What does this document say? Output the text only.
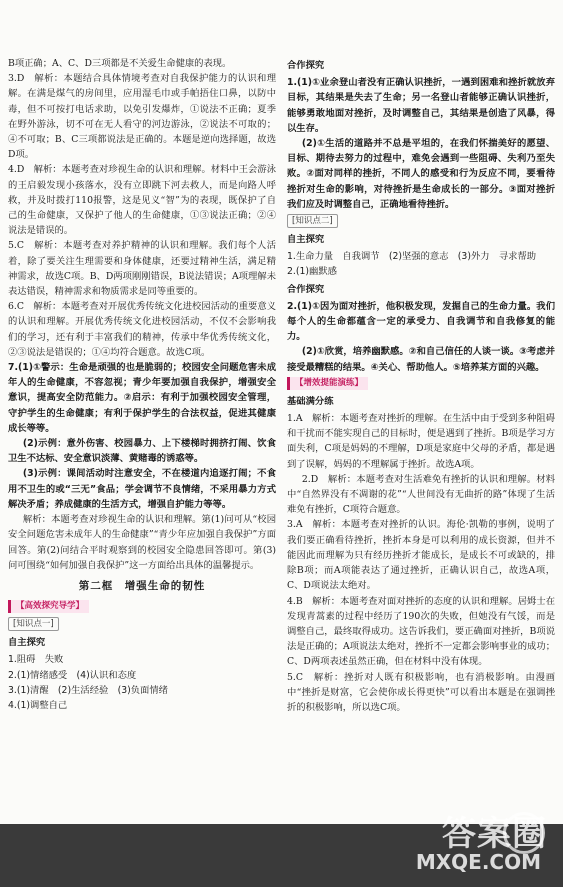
B项正确；A、C、D三项都是不关爱生命健康的表现。

3.D　解析：本题结合具体情境考查对自我保护能力的认识和理解。在满是煤气的房间里，应用湿毛巾或手帕捂住口鼻，以防中毒，但不可按打电话求助，以免引发爆炸，①说法不正确；夏季在野外游泳，切不可在无人看守的河边游泳，②说法不可取的；④不可取；B、C三项都说法是正确的。本题是逆向选择题，故选D项。

4.D　解析：本题考查对珍视生命的认识和理解。材料中王会游泳的王启毅发现小孩落水，没有立即跳下河去救人，而是向路人呼救，并及时拨打110报警，这是见义“智”为的表现，既保护了自己的生命健康，又保护了他人的生命健康，①③说法正确；②④说法是错误的。

5.C　解析：本题考查对养护精神的认识和理解。我们每个人活着，除了要关注生理需要和身体健康，还要过精神生活，满足精神需求，故选C项。B、D两项刚刚错误，B说法错误；A项理解未表达错误，精神需求和物质需求是同等重要的。

6.C　解析：本题考查对开展优秀传统文化进校园活动的重要意义的认识和理解。开展优秀传统文化进校园活动，不仅不会影响我们的学习，还有利于丰富我们的精神，传承中华优秀传统文化，②③说法是错误的；①④均符合题意。故选C项。

7.(1)①警示：生命是顽强的也是脆弱的；校园安全问题危害未成年人的生命健康，不容忽视；青少年要加强自我保护，增强安全意识，提高安全防范能力。②启示：有利于加强校园安全管理，守护学生的生命健康；有利于保护学生的合法权益，促进其健康成长等等。

(2)示例：意外伤害、校园暴力、上下楼梯时拥挤打闹、饮食卫生不达标、安全意识淡薄、黄赌毒的诱惑等。

(3)示例：课间活动时注意安全，不在楼道内追逐打闹；不食用不卫生的或“三无”食品；学会调节不良情绪，不采用暴力方式解决矛盾；养成健康的生活方式，增强自护能力等等。

解析：本题考查对珍视生命的认识和理解。第(1)问可从“校园安全问题危害未成年人的生命健康”“青少年应加强自我保护”方面回答。第(2)问结合平时观察到的校园安全隐患回答即可。第(3)问可围绕“如何加强自我保护”这一方面给出具体的温馨提示。

第二框　增强生命的韧性
【高效探究导学】
[知识点一]
自主探究

1.阻碍　失败

2.(1)情绪感受　(4)认识和态度

3.(1)清醒　(2)生活经验　(3)负面情绪

4.(1)调整自己

合作探究

1.(1)①业余登山者没有正确认识挫折，一遇到困难和挫折就放弃目标，其结果是失去了生命；另一名登山者能够正确认识挫折，能够勇敢地面对挫折，及时调整自己，其结果是创造了风暴，得以生存。

(2)①生活的道路并不总是平坦的，在我们怀揣美好的愿望、目标、期待去努力的过程中，难免会遇到一些阻碍、失利乃至失败。②面对同样的挫折，不同人的感受和行为反应不同，要看待挫折对生命的影响，对待挫折是生命成长的一部分。③面对挫折我们应及时调整自己，正确地看待挫折。

[知识点二]
自主探究

1.生命力量　自我调节　(2)坚强的意志　(3)外力　寻求帮助

2.(1)幽默感

合作探究

2.(1)①因为面对挫折，他积极发现，发掘自己的生命力量。我们每个人的生命都蕴含一定的承受力、自我调节和自我修复的能力。

(2)①欣赏，培养幽默感。②和自己信任的人谈一谈。③考虑并接受最糟糕的结果。④关心、帮助他人。⑤培养某方面的兴趣。

【增效提能演练】
基础满分练

1.A　解析：本题考查对挫折的理解。在生活中由于受到多种阻碍和干扰而不能实现自己的目标时，便是遇到了挫折。B项是学习方面失利，C项是妈妈的不理解，D项是家庭中父母的矛盾，都是遇到了误解，妈妈的不理解属于挫折。故选A项。

2.D　解析：本题考查对生活难免有挫折的认识和理解。材料中“自然界没有不凋谢的花”“人世间没有无曲折的路”体现了生活难免有挫折，C项符合题意。

3.A　解析：本题考查对挫折的认识。海伦·凯勒的事例，说明了我们要正确看待挫折，挫折本身是可以利用的成长资源，但并不能因此而理解为只有经历挫折才能成长，是成长不可或缺的，排除B项；而A项能表达了通过挫折，正确认识自己，故选A项，C、D项说法太绝对。

4.B　解析：本题考查对面对挫折的态度的认识和理解。居姆士在发现青蒿素的过程中经历了190次的失败，但她没有气馁，而是调整自己，最终取得成功。这告诉我们，要正确面对挫折，B项说法是正确的；A项说法太绝对，挫折不一定都会影响事业的成功；C、D两项表述虽然正确，但在材料中没有体现。

5.C　解析：挫折对人既有积极影响，也有消极影响。由漫画中“挫折是财富，它会使你成长得更快”可以看出本题是在强调挫折的积极影响，所以选C项。

答案圈
MXQE.COM
